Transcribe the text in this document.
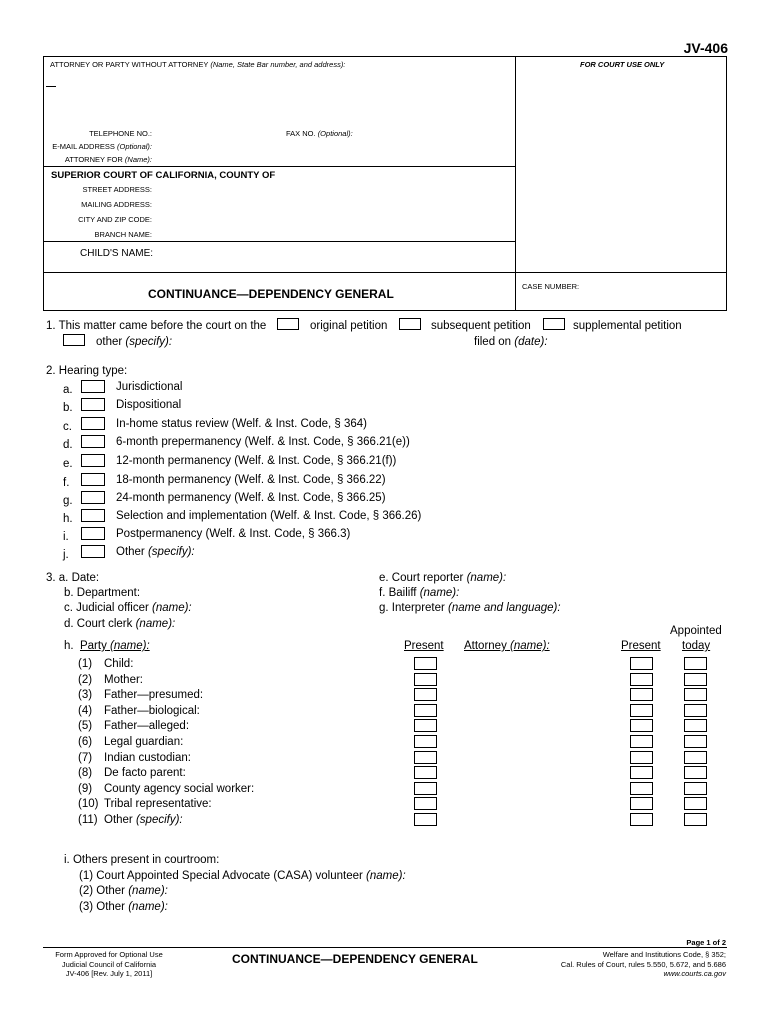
JV-406
ATTORNEY OR PARTY WITHOUT ATTORNEY (Name, State Bar number, and address):	FOR COURT USE ONLY
TELEPHONE NO.:	FAX NO. (Optional):
E-MAIL ADDRESS (Optional):
ATTORNEY FOR (Name):
SUPERIOR COURT OF CALIFORNIA, COUNTY OF
STREET ADDRESS:
MAILING ADDRESS:
CITY AND ZIP CODE:
BRANCH NAME:
CHILD'S NAME:
CONTINUANCE—DEPENDENCY GENERAL
CASE NUMBER:
1. This matter came before the court on the	original petition	subsequent petition	supplemental petition
other (specify):	filed on (date):
2. Hearing type:
a.	Jurisdictional
b.	Dispositional
c.	In-home status review (Welf. & Inst. Code, § 364)
d.	6-month prepermanency (Welf. & Inst. Code, § 366.21(e))
e.	12-month permanency (Welf. & Inst. Code, § 366.21(f))
f.	18-month permanency (Welf. & Inst. Code, § 366.22)
g.	24-month permanency (Welf. & Inst. Code, § 366.25)
h.	Selection and implementation (Welf. & Inst. Code, § 366.26)
i.	Postpermanency (Welf. & Inst. Code, § 366.3)
j.	Other (specify):
3. a. Date:
b. Department:
c. Judicial officer (name):
d. Court clerk (name):
e. Court reporter (name):
f. Bailiff (name):
g. Interpreter (name and language):
h. Party (name):	Present Attorney (name):	Present
Appointed
today
(1) Child:
(2) Mother:
(3) Father—presumed:
(4) Father—biological:
(5) Father—alleged:
(6) Legal guardian:
(7) Indian custodian:
(8) De facto parent:
(9) County agency social worker:
(10) Tribal representative:
(11) Other (specify):
i. Others present in courtroom:
(1) Court Appointed Special Advocate (CASA) volunteer (name):
(2) Other (name):
(3) Other (name):
Page 1 of 2
Form Approved for Optional Use
Judicial Council of California
JV-406 [Rev. July 1, 2011]
CONTINUANCE—DEPENDENCY GENERAL	Welfare and Institutions Code, § 352;
Cal. Rules of Court, rules 5.550, 5.672, and 5.686
www.courts.ca.gov
